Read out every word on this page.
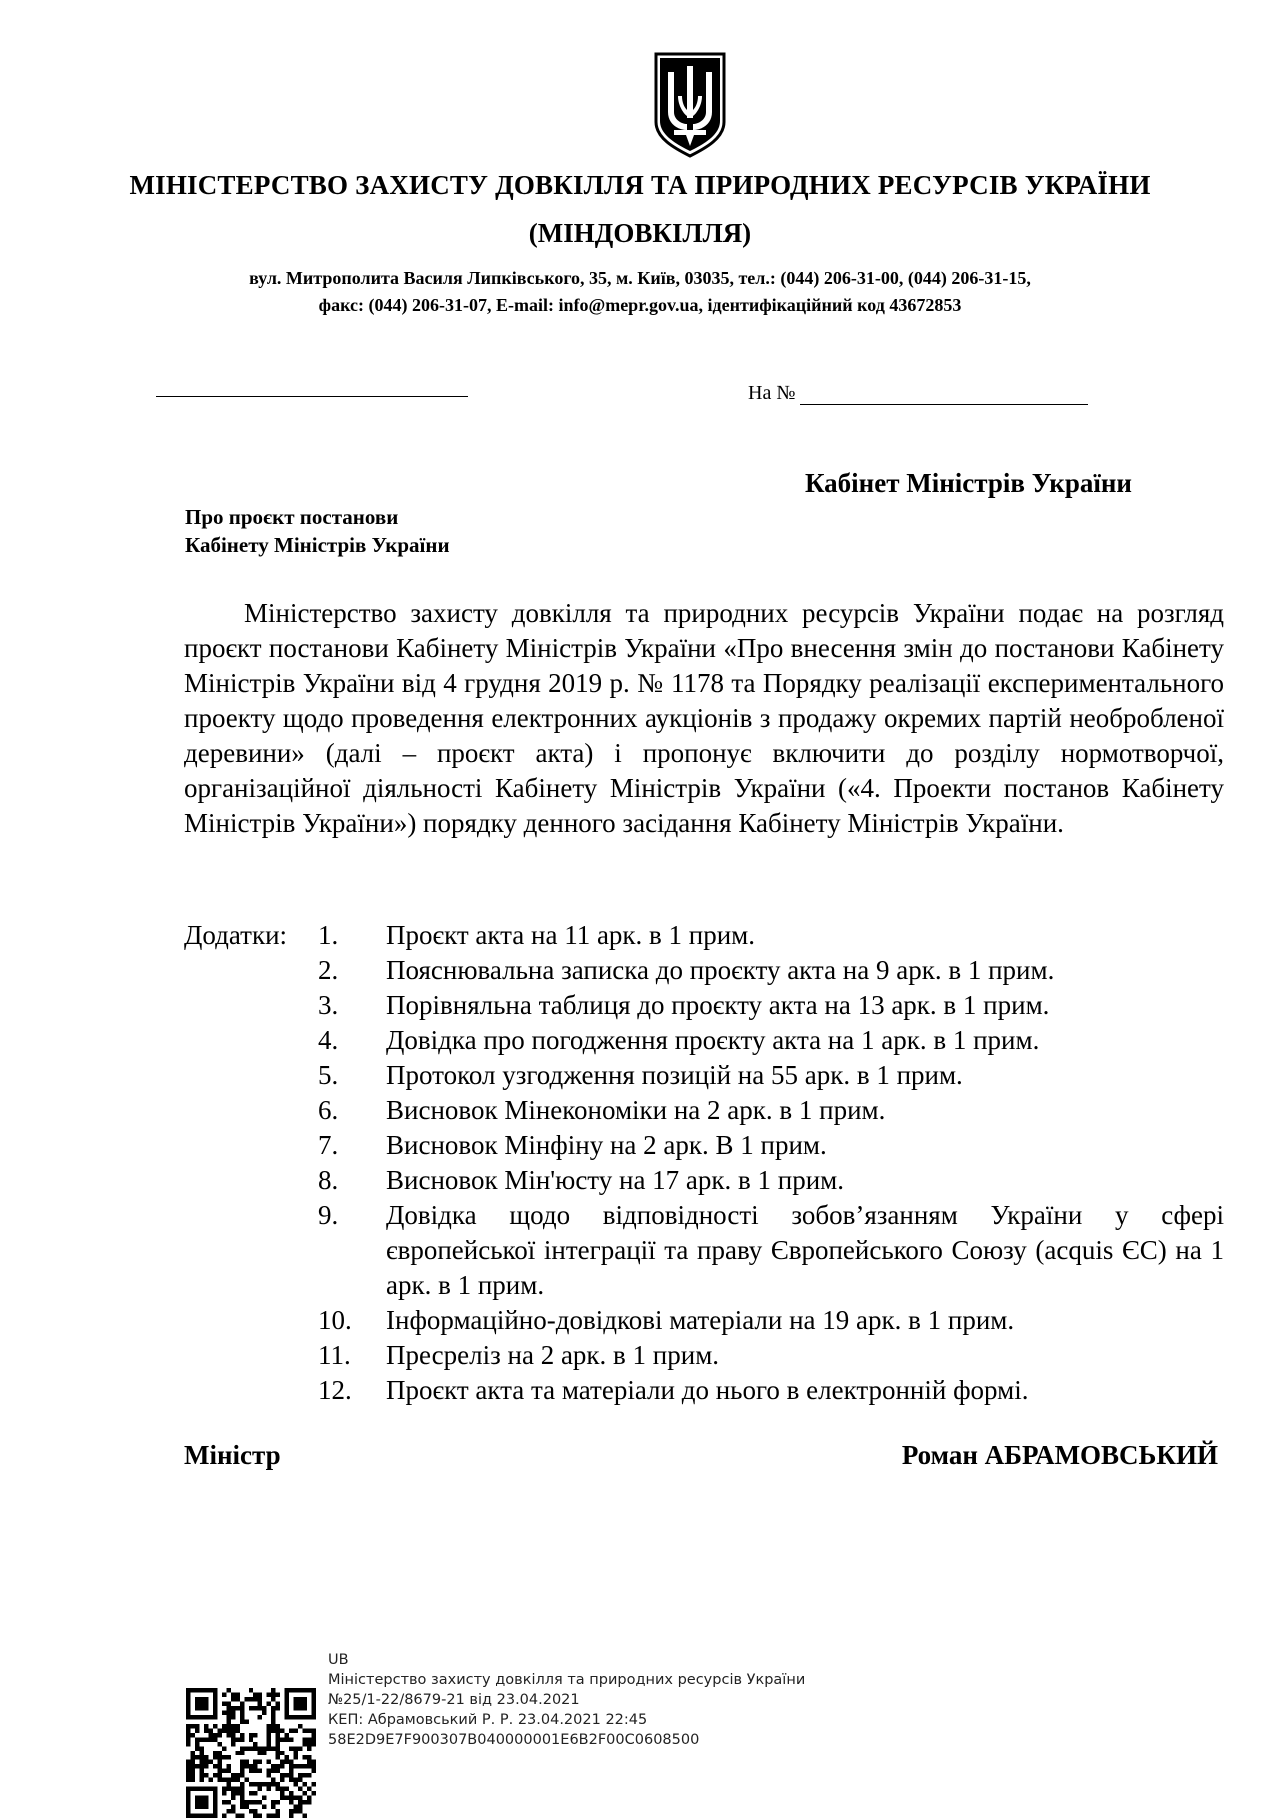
МІНІСТЕРСТВО ЗАХИСТУ ДОВКІЛЛЯ ТА ПРИРОДНИХ РЕСУРСІВ УКРАЇНИ
(МІНДОВКІЛЛЯ)
вул. Митрополита Василя Липківського, 35, м. Київ, 03035, тел.: (044) 206-31-00, (044) 206-31-15,
факс: (044) 206-31-07, E-mail: info@mepr.gov.ua, ідентифікаційний код 43672853
На №
Кабінет Міністрів України
Про проєкт постанови
Кабінету Міністрів України

Міністерство захисту довкілля та природних ресурсів України подає на розгляд проєкт постанови Кабінету Міністрів України «Про внесення змін до постанови Кабінету Міністрів України від 4 грудня 2019 р. № 1178 та Порядку реалізації експериментального проекту щодо проведення електронних аукціонів з продажу окремих партій необробленої деревини» (далі – проєкт акта) і пропонує включити до розділу нормотворчої, організаційної діяльності Кабінету Міністрів України («4. Проекти постанов Кабінету Міністрів України») порядку денного засідання Кабінету Міністрів України.

Додатки: 1.	Проєкт акта на 11 арк. в 1 прим.
2.	Пояснювальна записка до проєкту акта на 9 арк. в 1 прим.
3.	Порівняльна таблиця до проєкту акта на 13 арк. в 1 прим.
4.	Довідка про погодження проєкту акта на 1 арк. в 1 прим.
5.	Протокол узгодження позицій на 55 арк. в 1 прим.
6.	Висновок Мінекономіки на 2 арк. в 1 прим.
7.	Висновок Мінфіну на 2 арк. В 1 прим.
8.	Висновок Мін'юсту на 17 арк. в 1 прим.
9.	Довідка щодо відповідності зобов’язанням України у сфері європейської інтеграції та праву Європейського Союзу (acquis ЄС) на 1 арк. в 1 прим.
10.	Інформаційно-довідкові матеріали на 19 арк. в 1 прим.
11.	Пресреліз на 2 арк. в 1 прим.
12.	Проєкт акта та матеріали до нього в електронній формі.
Міністр	Роман АБРАМОВСЬКИЙ
UB
Міністерство захисту довкілля та природних ресурсів України
№25/1-22/8679-21 від 23.04.2021
КЕП: Абрамовський Р. Р. 23.04.2021 22:45
58E2D9E7F900307B040000001E6B2F00C0608500
